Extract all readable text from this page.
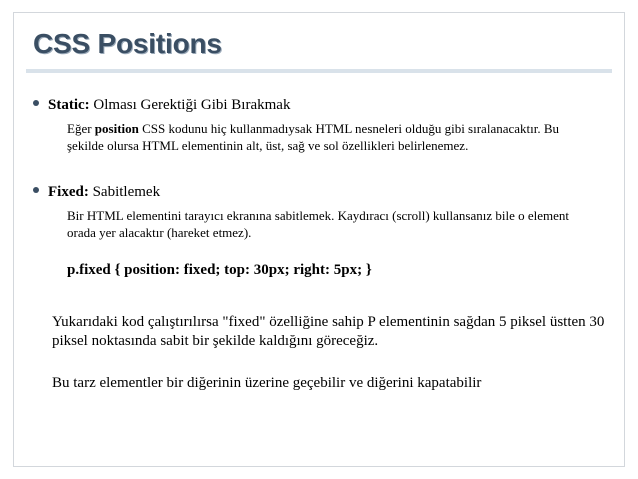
CSS Positions
Static: Olması Gerektiği Gibi Bırakmak
Eğer position CSS kodunu hiç kullanmadıysak HTML nesneleri olduğu gibi sıralanacaktır. Bu şekilde olursa HTML elementinin alt, üst, sağ ve sol özellikleri belirlenemez.
Fixed: Sabitlemek
Bir HTML elementini tarayıcı ekranına sabitlemek. Kaydıracı (scroll) kullansanız bile o element orada yer alacaktır (hareket etmez).
p.fixed { position: fixed; top: 30px; right: 5px; }
Yukarıdaki kod çalıştırılırsa "fixed" özelliğine sahip P elementinin sağdan 5 piksel üstten 30 piksel noktasında sabit bir şekilde kaldığını göreceğiz.
Bu tarz elementler bir diğerinin üzerine geçebilir ve diğerini kapatabilir
